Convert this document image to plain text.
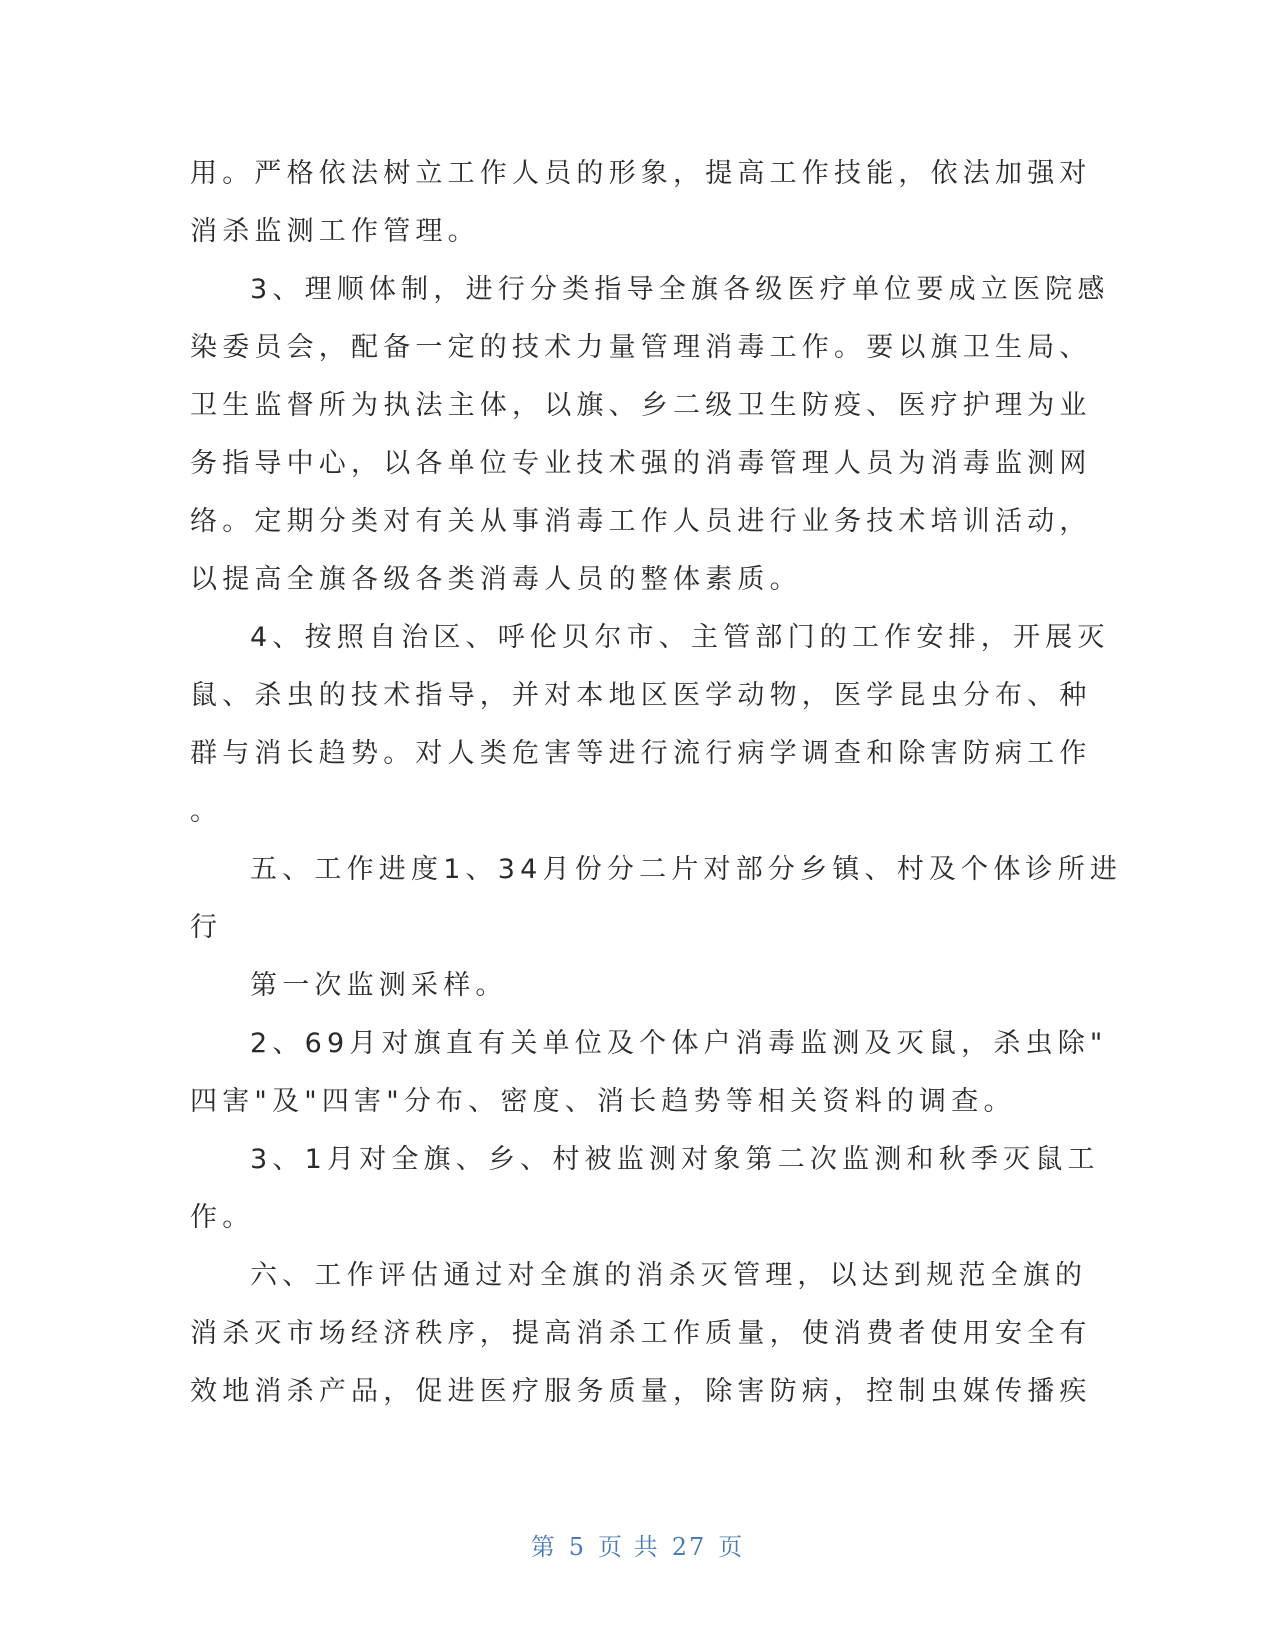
用。严格依法树立工作人员的形象，提高工作技能，依法加强对
消杀监测工作管理。
3、理顺体制，进行分类指导全旗各级医疗单位要成立医院感
染委员会，配备一定的技术力量管理消毒工作。要以旗卫生局、
卫生监督所为执法主体，以旗、乡二级卫生防疫、医疗护理为业
务指导中心，以各单位专业技术强的消毒管理人员为消毒监测网
络。定期分类对有关从事消毒工作人员进行业务技术培训活动，
以提高全旗各级各类消毒人员的整体素质。
4、按照自治区、呼伦贝尔市、主管部门的工作安排，开展灭
鼠、杀虫的技术指导，并对本地区医学动物，医学昆虫分布、种
群与消长趋势。对人类危害等进行流行病学调查和除害防病工作
。
五、工作进度1、34月份分二片对部分乡镇、村及个体诊所进
行
第一次监测采样。
2、69月对旗直有关单位及个体户消毒监测及灭鼠，杀虫除"
四害"及"四害"分布、密度、消长趋势等相关资料的调查。
3、1月对全旗、乡、村被监测对象第二次监测和秋季灭鼠工
作。
六、工作评估通过对全旗的消杀灭管理，以达到规范全旗的
消杀灭市场经济秩序，提高消杀工作质量，使消费者使用安全有
效地消杀产品，促进医疗服务质量，除害防病，控制虫媒传播疾
第 5 页 共 27 页
